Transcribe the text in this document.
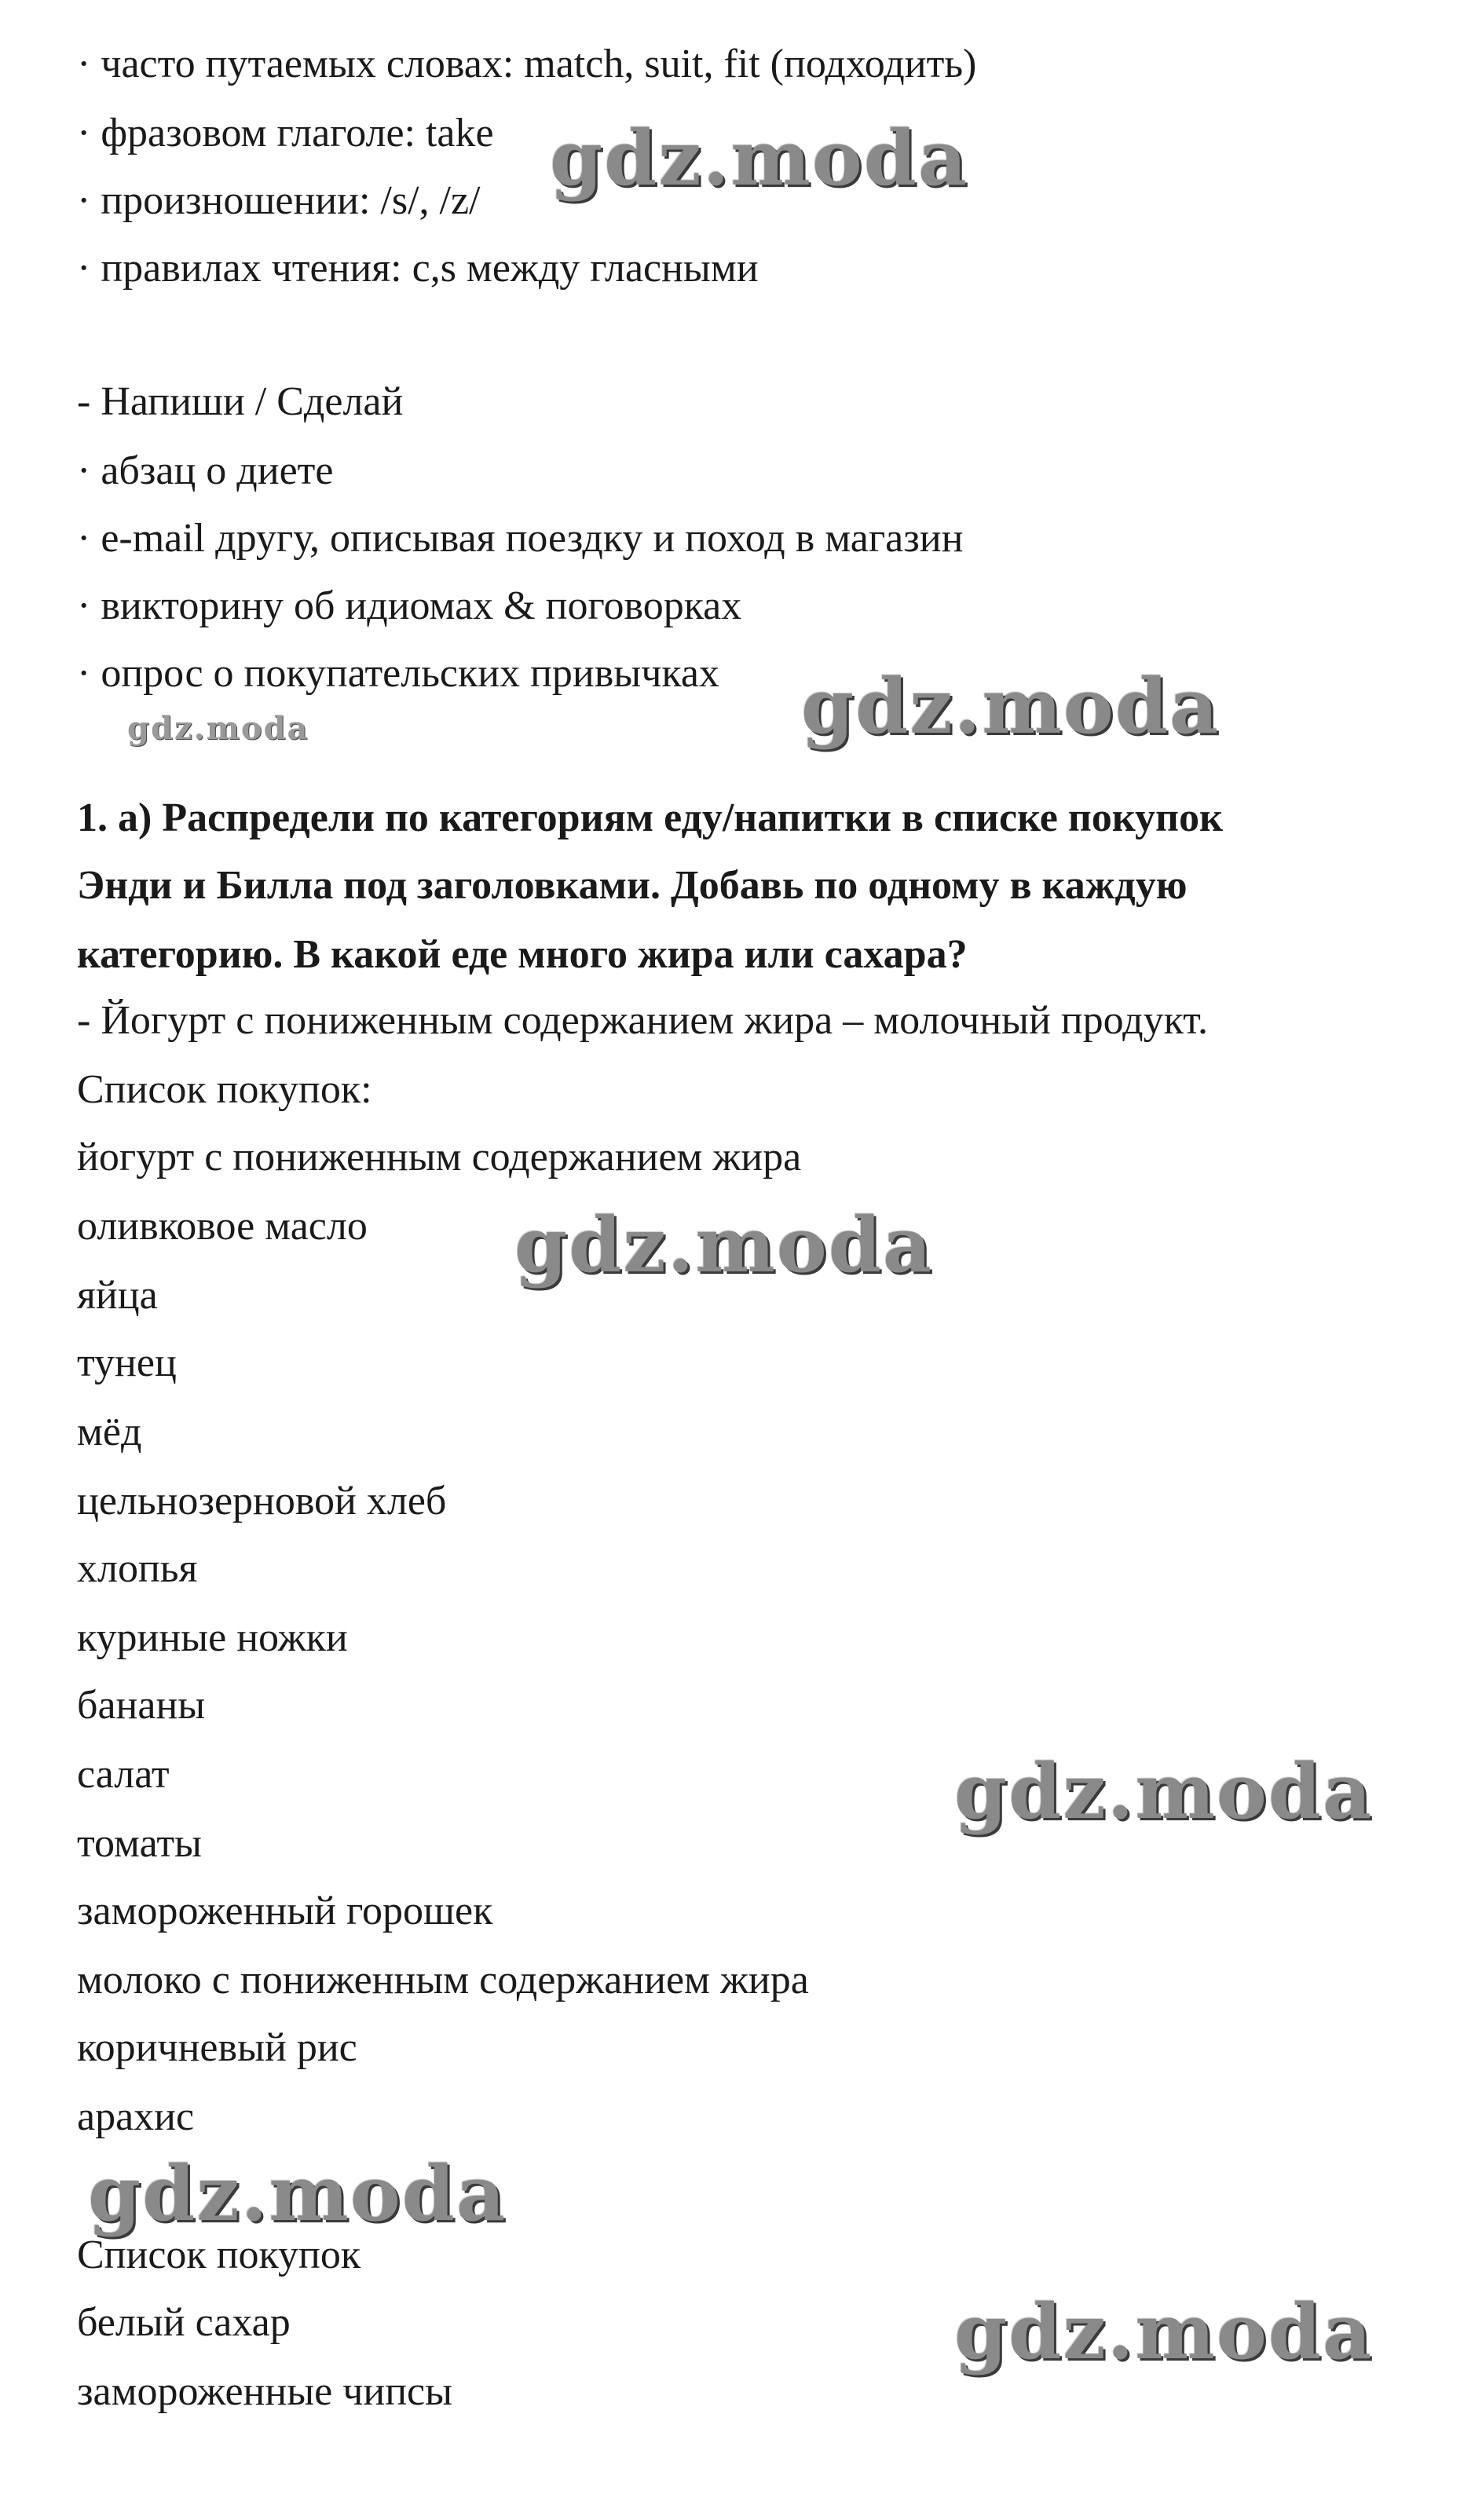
· часто путаемых словах: match, suit, fit (подходить)
· фразовом глаголе: take
· произношении: /s/, /z/
· правилах чтения: с,s между гласными
- Напиши / Сделай
· абзац о диете
· e-mail другу, описывая поездку и поход в магазин
· викторину об идиомах & поговорках
· опрос о покупательских привычках
1. а) Распредели по категориям еду/напитки в списке покупок
Энди и Билла под заголовками. Добавь по одному в каждую
категорию. В какой еде много жира или сахара?
- Йогурт с пониженным содержанием жира – молочный продукт.
Список покупок:
йогурт с пониженным содержанием жира
оливковое масло
яйца
тунец
мёд
цельнозерновой хлеб
хлопья
куриные ножки
бананы
салат
томаты
замороженный горошек
молоко с пониженным содержанием жира
коричневый рис
арахис
Список покупок
белый сахар
замороженные чипсы
gdz.moda
gdz.moda
gdz.moda
gdz.moda
gdz.moda
gdz.moda
gdz.moda
